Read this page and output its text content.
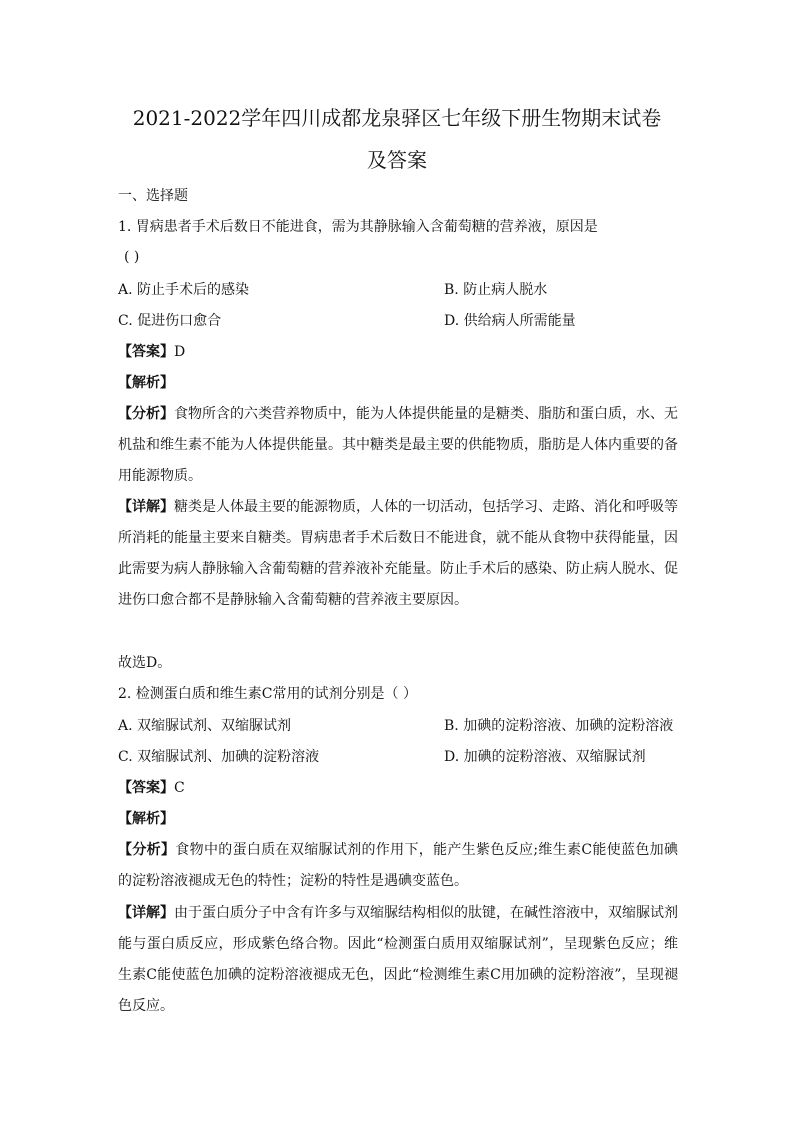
2021-2022学年四川成都龙泉驿区七年级下册生物期末试卷
及答案
一、选择题
1. 胃病患者手术后数日不能进食，需为其静脉输入含葡萄糖的营养液，原因是
( )
A. 防止手术后的感染	B. 防止病人脱水
C. 促进伤口愈合	D. 供给病人所需能量
【答案】D
【解析】
【分析】食物所含的六类营养物质中，能为人体提供能量的是糖类、脂肪和蛋白质，水、无机盐和维生素不能为人体提供能量。其中糖类是最主要的供能物质，脂肪是人体内重要的备用能源物质。
【详解】糖类是人体最主要的能源物质，人体的一切活动，包括学习、走路、消化和呼吸等所消耗的能量主要来自糖类。胃病患者手术后数日不能进食，就不能从食物中获得能量，因此需要为病人静脉输入含葡萄糖的营养液补充能量。防止手术后的感染、防止病人脱水、促进伤口愈合都不是静脉输入含葡萄糖的营养液主要原因。
故选D。
2. 检测蛋白质和维生素C常用的试剂分别是（ ）
A. 双缩脲试剂、双缩脲试剂	B. 加碘的淀粉溶液、加碘的淀粉溶液
C. 双缩脲试剂、加碘的淀粉溶液	D. 加碘的淀粉溶液、双缩脲试剂
【答案】C
【解析】
【分析】食物中的蛋白质在双缩脲试剂的作用下，能产生紫色反应;维生素C能使蓝色加碘的淀粉溶液褪成无色的特性；淀粉的特性是遇碘变蓝色。
【详解】由于蛋白质分子中含有许多与双缩脲结构相似的肽键，在碱性溶液中，双缩脲试剂能与蛋白质反应，形成紫色络合物。因此“检测蛋白质用双缩脲试剂”，呈现紫色反应；维生素C能使蓝色加碘的淀粉溶液褪成无色，因此“检测维生素C用加碘的淀粉溶液”，呈现褪色反应。
